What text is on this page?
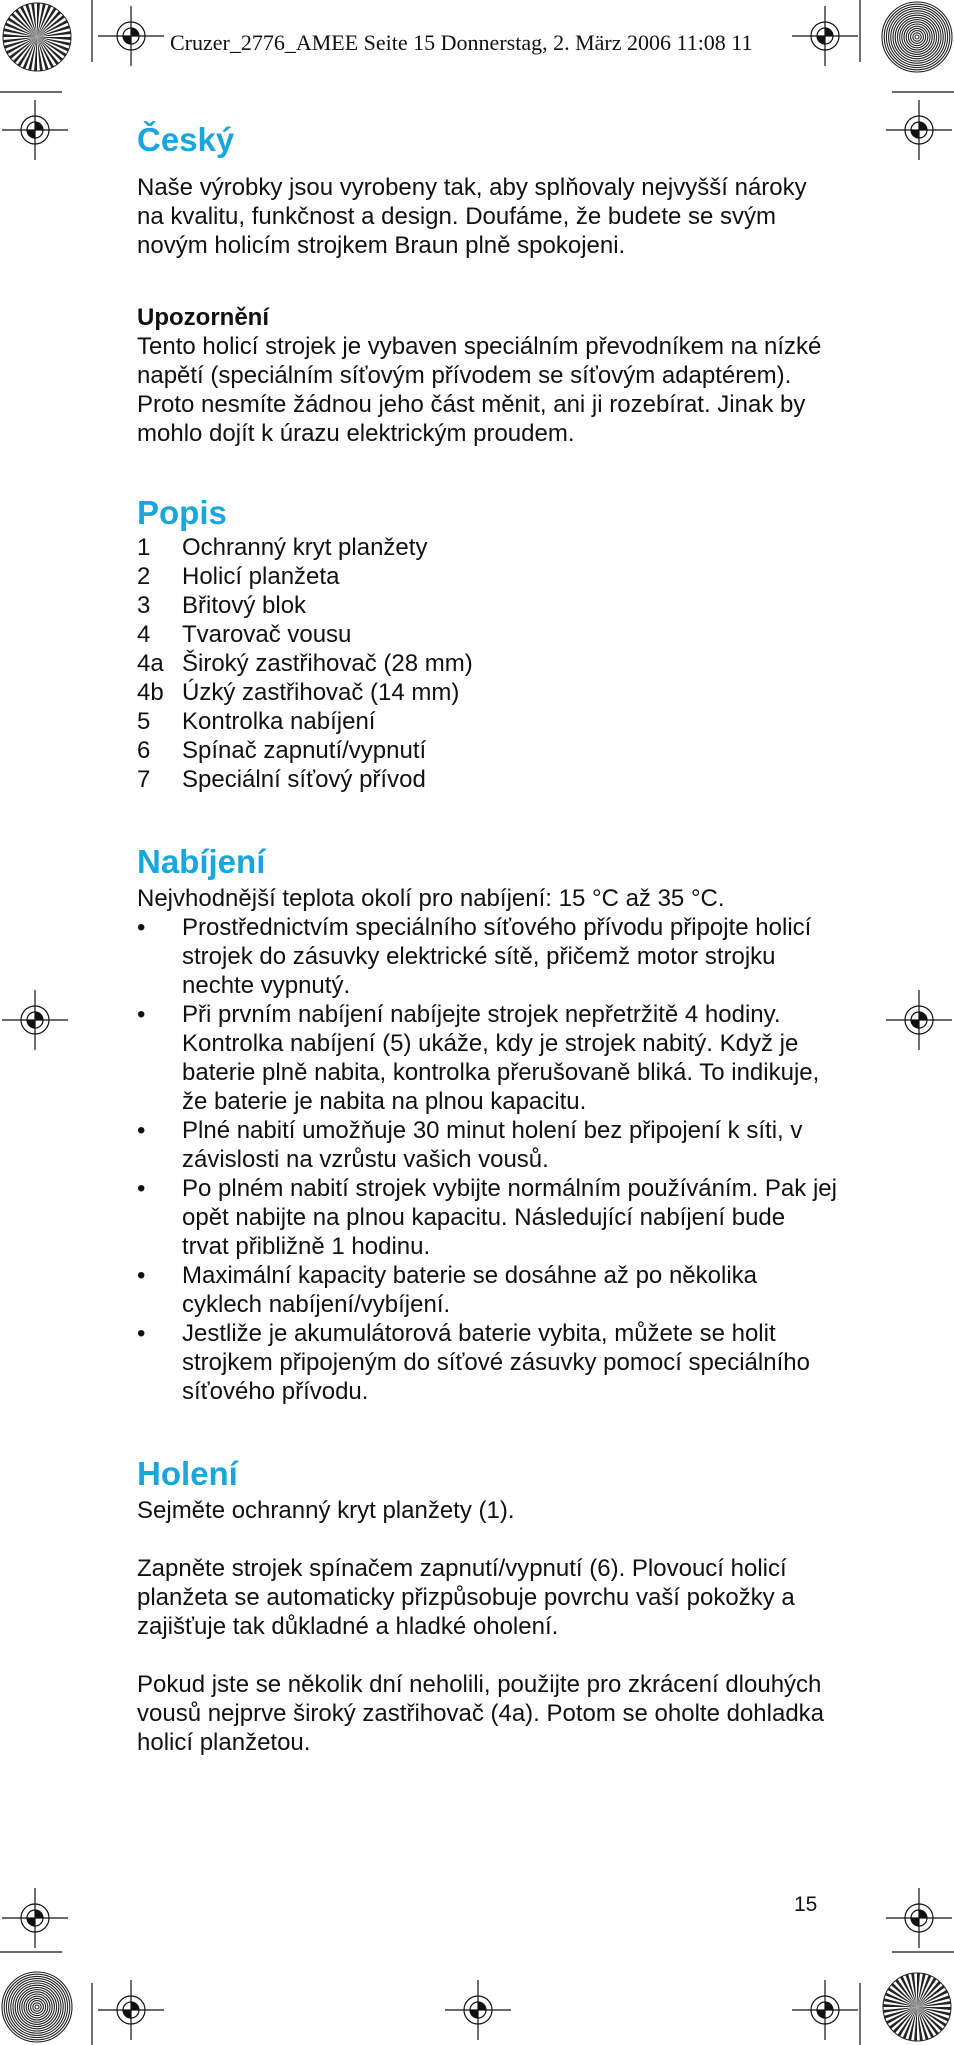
Cruzer_2776_AMEE Seite 15 Donnerstag, 2. März 2006 11:08 11
Český

Naše výrobky jsou vyrobeny tak, aby splňovaly nejvyšší nároky na kvalitu, funkčnost a design. Doufáme, že budete se svým novým holicím strojkem Braun plně spokojeni.

Upozornění

Tento holicí strojek je vybaven speciálním převodníkem na nízké napětí (speciálním síťovým přívodem se síťovým adaptérem). Proto nesmíte žádnou jeho část měnit, ani ji rozebírat. Jinak by mohlo dojít k úrazu elektrickým proudem.

Popis
1	Ochranný kryt planžety
2	Holicí planžeta
3	Břitový blok
4	Tvarovač vousu
4a Široký zastřihovač (28 mm)
4b Úzký zastřihovač (14 mm)
5	Kontrolka nabíjení
6	Spínač zapnutí/vypnutí
7	Speciální síťový přívod
Nabíjení

Nejvhodnější teplota okolí pro nabíjení: 15 °C až 35 °C.

•	Prostřednictvím speciálního síťového přívodu připojte holicí strojek do zásuvky elektrické sítě, přičemž motor strojku nechte vypnutý.
•	Při prvním nabíjení nabíjejte strojek nepřetržitě 4 hodiny. Kontrolka nabíjení (5) ukáže, kdy je strojek nabitý. Když je baterie plně nabita, kontrolka přerušovaně bliká. To indikuje, že baterie je nabita na plnou kapacitu.
•	Plné nabití umožňuje 30 minut holení bez připojení k síti, v závislosti na vzrůstu vašich vousů.
•	Po plném nabití strojek vybijte normálním používáním. Pak jej opět nabijte na plnou kapacitu. Následující nabíjení bude trvat přibližně 1 hodinu.
•	Maximální kapacity baterie se dosáhne až po několika cyklech nabíjení/vybíjení.
•	Jestliže je akumulátorová baterie vybita, můžete se holit strojkem připojeným do síťové zásuvky pomocí speciálního síťového přívodu.
Holení

Sejměte ochranný kryt planžety (1).

Zapněte strojek spínačem zapnutí/vypnutí (6). Plovoucí holicí planžeta se automaticky přizpůsobuje povrchu vaší pokožky a zajišťuje tak důkladné a hladké oholení.

Pokud jste se několik dní neholili, použijte pro zkrácení dlouhých vousů nejprve široký zastřihovač (4a). Potom se oholte dohladka holicí planžetou.

15
